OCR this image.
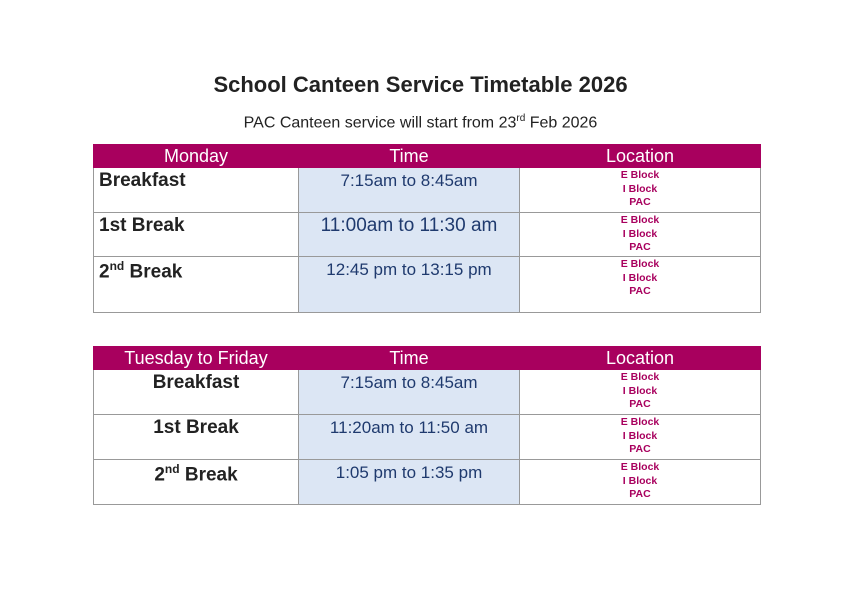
School Canteen Service Timetable 2026
PAC Canteen service will start from 23rd Feb 2026
Monday	Time	Location
Breakfast	7:15am to 8:45am	E Block
I Block
PAC

1st Break	11:00am to 11:30 am	E Block
I Block
PAC

2nd Break	12:45 pm to 13:15 pm	E Block
I Block
PAC
Tuesday to Friday	Time	Location
Breakfast	7:15am to 8:45am	E Block
I Block
PAC

1st Break	11:20am to 11:50 am	E Block
I Block
PAC

2nd Break	1:05 pm to 1:35 pm	E Block
I Block
PAC
